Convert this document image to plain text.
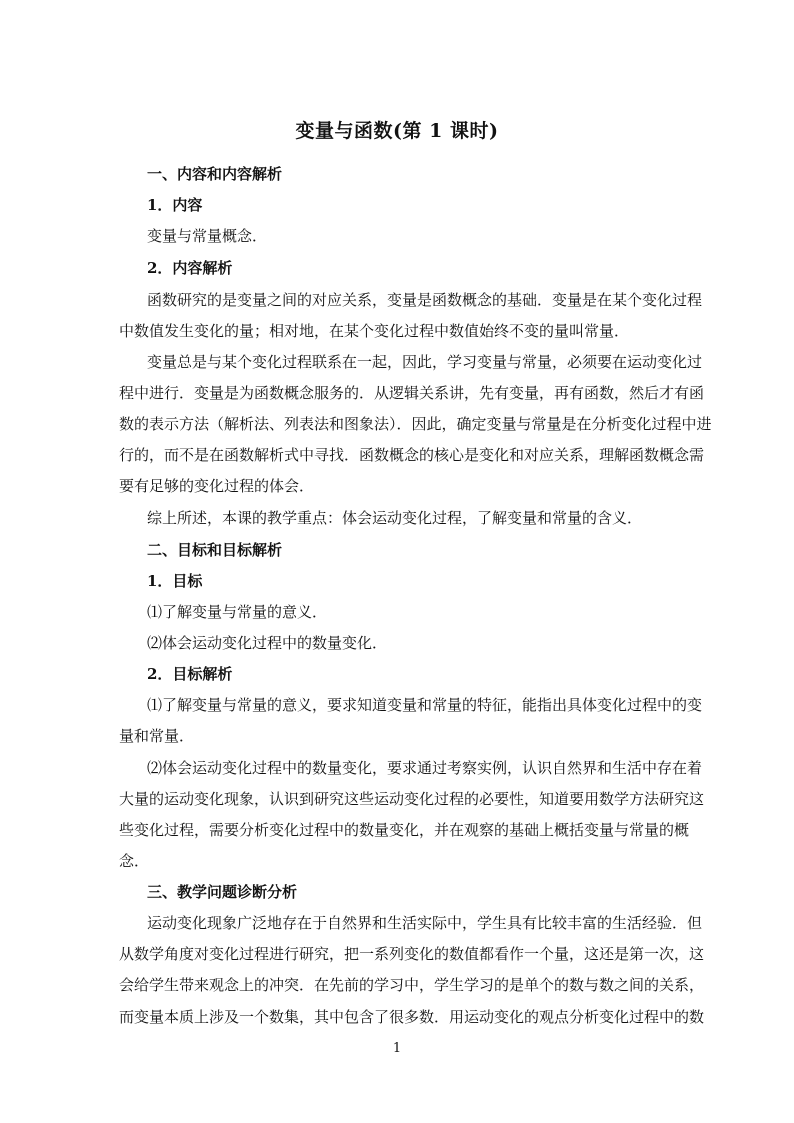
变量与函数(第 1 课时)
一、内容和内容解析
1．内容
变量与常量概念．
2．内容解析
函数研究的是变量之间的对应关系，变量是函数概念的基础．变量是在某个变化过程
中数值发生变化的量；相对地，在某个变化过程中数值始终不变的量叫常量．
变量总是与某个变化过程联系在一起，因此，学习变量与常量，必须要在运动变化过
程中进行．变量是为函数概念服务的．从逻辑关系讲，先有变量，再有函数，然后才有函
数的表示方法（解析法、列表法和图象法）．因此，确定变量与常量是在分析变化过程中进
行的，而不是在函数解析式中寻找．函数概念的核心是变化和对应关系，理解函数概念需
要有足够的变化过程的体会．
综上所述，本课的教学重点：体会运动变化过程，了解变量和常量的含义．
二、目标和目标解析
1．目标
⑴了解变量与常量的意义．
⑵体会运动变化过程中的数量变化．
2．目标解析
⑴了解变量与常量的意义，要求知道变量和常量的特征，能指出具体变化过程中的变
量和常量．
⑵体会运动变化过程中的数量变化，要求通过考察实例，认识自然界和生活中存在着
大量的运动变化现象，认识到研究这些运动变化过程的必要性，知道要用数学方法研究这
些变化过程，需要分析变化过程中的数量变化，并在观察的基础上概括变量与常量的概
念．
三、教学问题诊断分析
运动变化现象广泛地存在于自然界和生活实际中，学生具有比较丰富的生活经验．但
从数学角度对变化过程进行研究，把一系列变化的数值都看作一个量，这还是第一次，这
会给学生带来观念上的冲突．在先前的学习中，学生学习的是单个的数与数之间的关系，
而变量本质上涉及一个数集，其中包含了很多数．用运动变化的观点分析变化过程中的数
1
